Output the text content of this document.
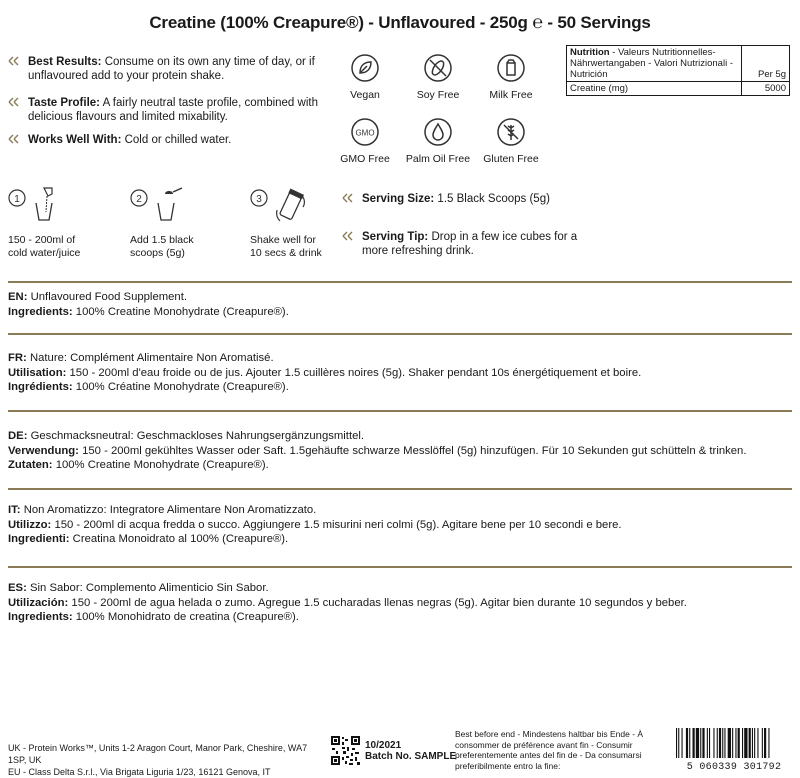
Creatine (100% Creapure®) - Unflavoured - 250g ℮ - 50 Servings
Best Results: Consume on its own any time of day, or if unflavoured add to your protein shake.
Taste Profile: A fairly neutral taste profile, combined with delicious flavours and limited mixability.
Works Well With: Cold or chilled water.
Vegan	Soy Free	Milk Free
GMO
GMO Free	Palm Oil Free	Gluten Free
Nutrition - Valeurs Nutritionnelles- Nährwertangaben - Valori Nutrizionali - Nutrición	Per 5g
Creatine (mg)	5000
1
150 - 200ml of cold water/juice
2
Add 1.5 black scoops (5g)
3
Shake well for 10 secs & drink
Serving Size: 1.5 Black Scoops (5g)
Serving Tip: Drop in a few ice cubes for a more refreshing drink.
EN: Unflavoured Food Supplement.
Ingredients: 100% Creatine Monohydrate (Creapure®).
FR: Nature: Complément Alimentaire Non Aromatisé.
Utilisation: 150 - 200ml d'eau froide ou de jus. Ajouter 1.5 cuillères noires (5g). Shaker pendant 10s énergétiquement et boire.
Ingrédients: 100% Créatine Monohydrate (Creapure®).
DE: Geschmacksneutral: Geschmackloses Nahrungsergänzungsmittel.
Verwendung: 150 - 200ml gekühltes Wasser oder Saft. 1.5gehäufte schwarze Messlöffel (5g) hinzufügen. Für 10 Sekunden gut schütteln & trinken.
Zutaten: 100% Creatine Monohydrate (Creapure®).
IT: Non Aromatizzo: Integratore Alimentare Non Aromatizzato.
Utilizzo: 150 - 200ml di acqua fredda o succo. Aggiungere 1.5 misurini neri colmi (5g). Agitare bene per 10 secondi e bere.
Ingredienti: Creatina Monoidrato al 100% (Creapure®).
ES: Sin Sabor: Complemento Alimenticio Sin Sabor.
Utilización: 150 - 200ml de agua helada o zumo. Agregue 1.5 cucharadas llenas negras (5g). Agitar bien durante 10 segundos y beber.
Ingredients: 100% Monohidrato de creatina (Creapure®).
UK - Protein Works™, Units 1-2 Aragon Court, Manor Park, Cheshire, WA7 1SP, UK
EU - Class Delta S.r.l., Via Brigata Liguria 1/23, 16121 Genova, IT
10/2021
Batch No. SAMPLE
Best before end - Mindestens haltbar bis Ende - À consommer de préférence avant fin - Consumir preferentemente antes del fin de - Da consumarsi preferibilmente entro la fine:	5 060339 301792
